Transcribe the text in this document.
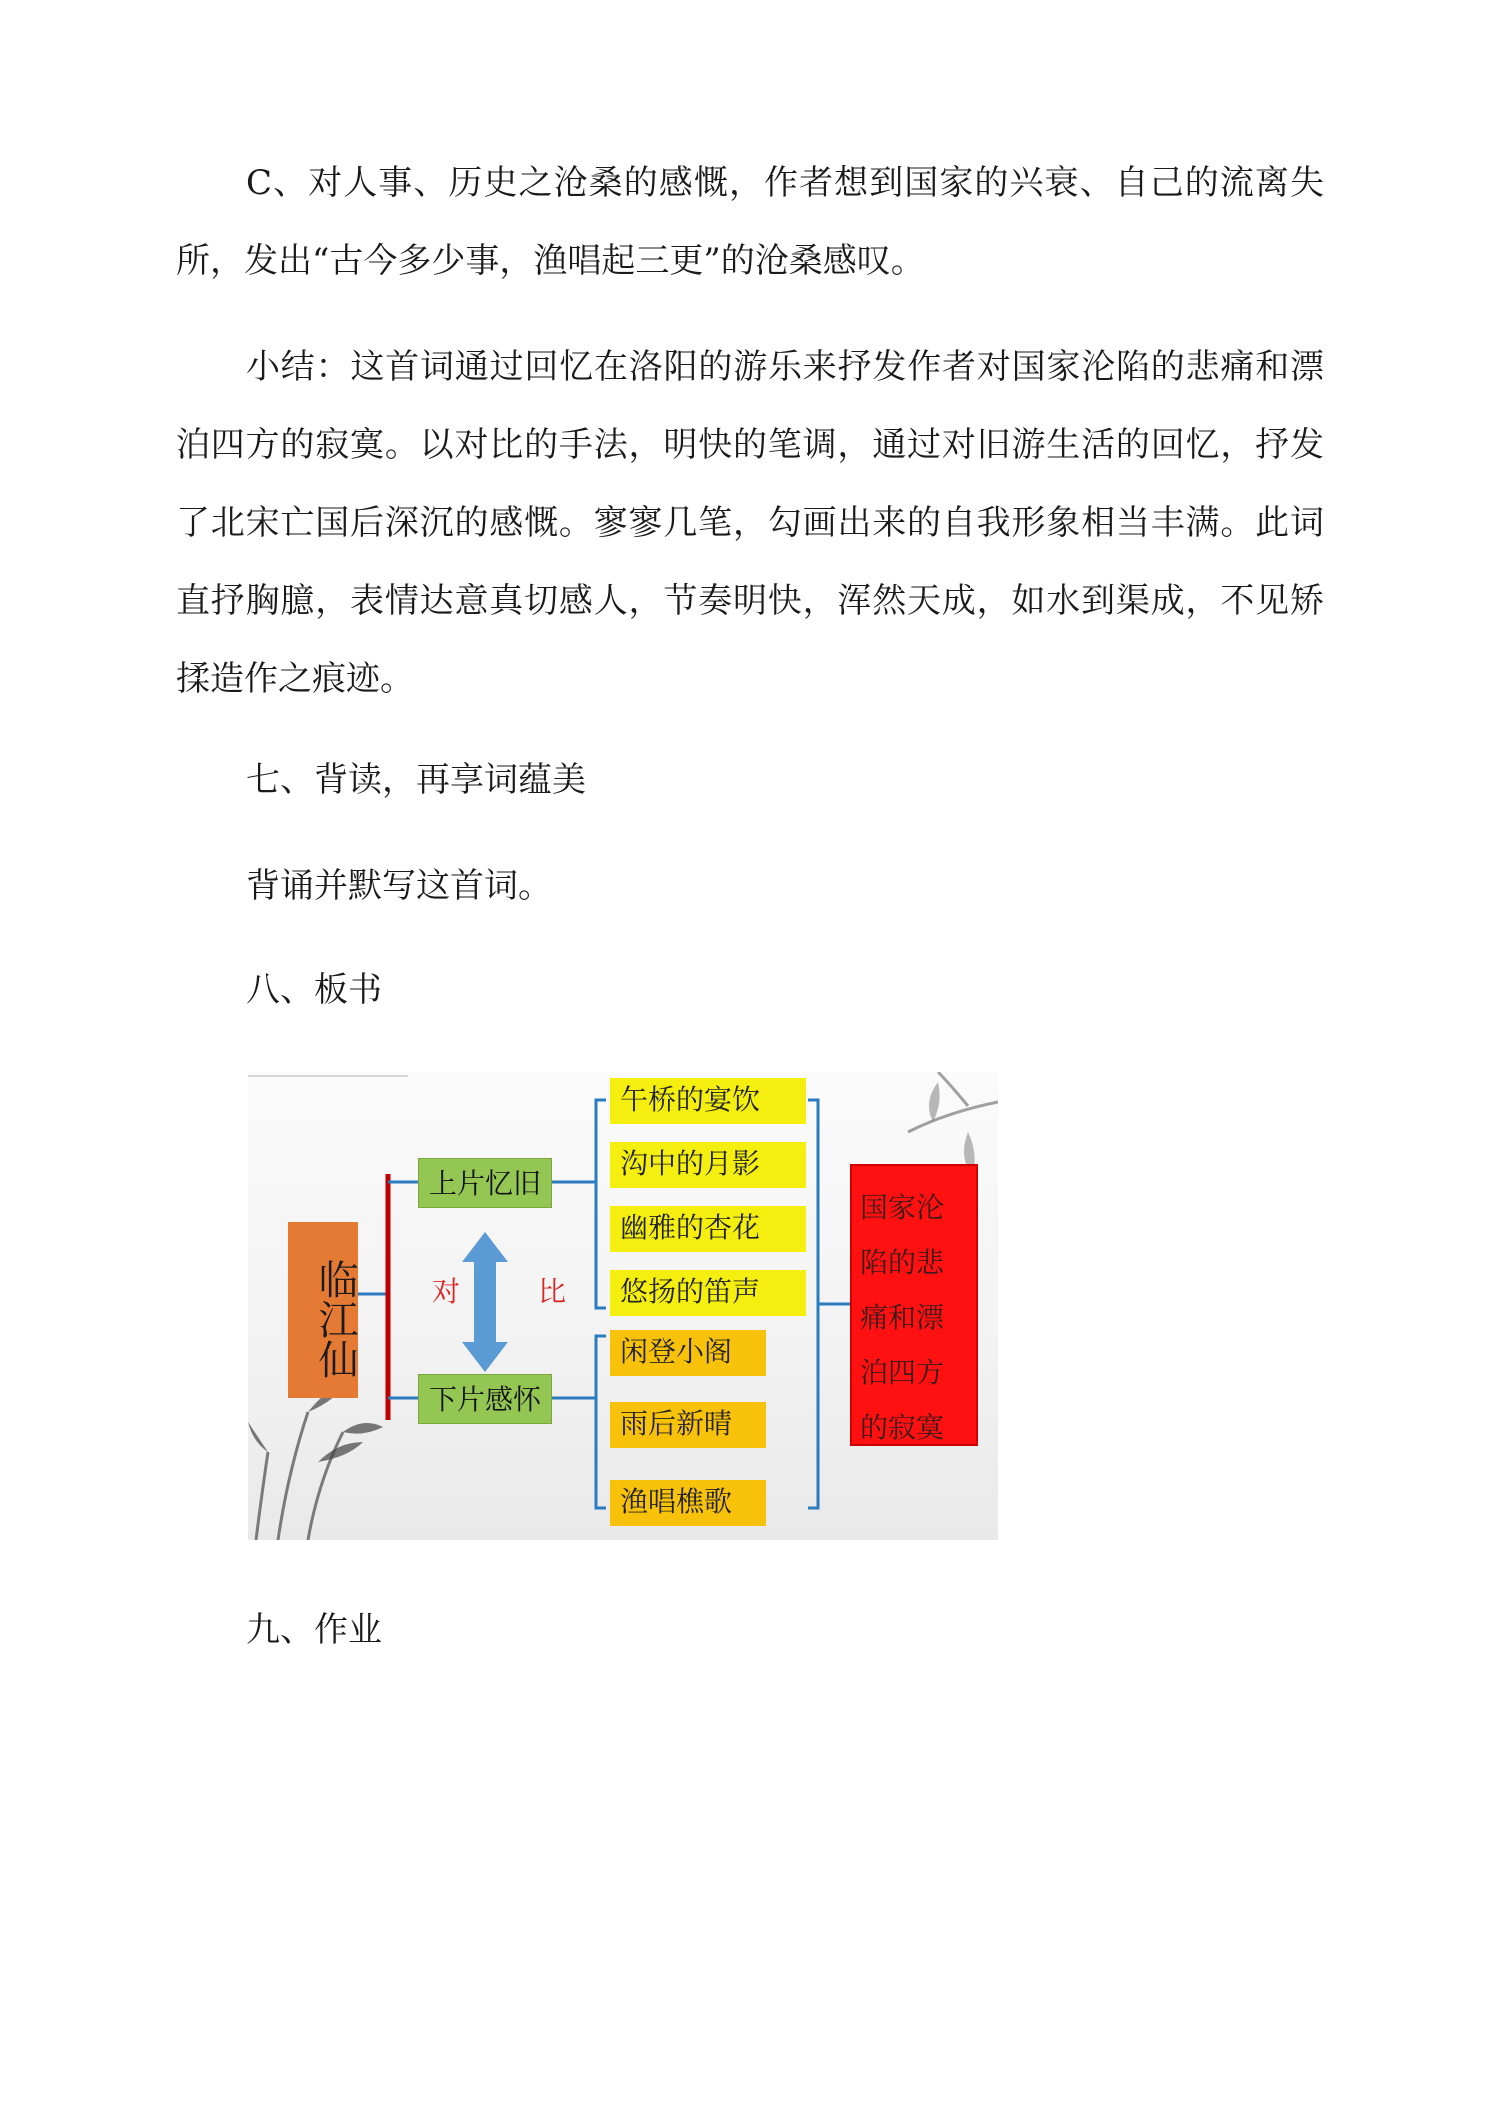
C、对人事、历史之沧桑的感慨，作者想到国家的兴衰、自己的流离失
所，发出“古今多少事，渔唱起三更”的沧桑感叹。
小结：这首词通过回忆在洛阳的游乐来抒发作者对国家沦陷的悲痛和漂
泊四方的寂寞。以对比的手法，明快的笔调，通过对旧游生活的回忆，抒发
了北宋亡国后深沉的感慨。寥寥几笔，勾画出来的自我形象相当丰满。此词
直抒胸臆，表情达意真切感人，节奏明快，浑然天成，如水到渠成，不见矫
揉造作之痕迹。

七、背读，再享词蕴美

背诵并默写这首词。

八、板书

临江仙
上片忆旧
下片感怀
对	比
午桥的宴饮
沟中的月影
幽雅的杏花
悠扬的笛声
闲登小阁
雨后新晴
渔唱樵歌
国家沦
陷的悲
痛和漂
泊四方
的寂寞

九、作业
